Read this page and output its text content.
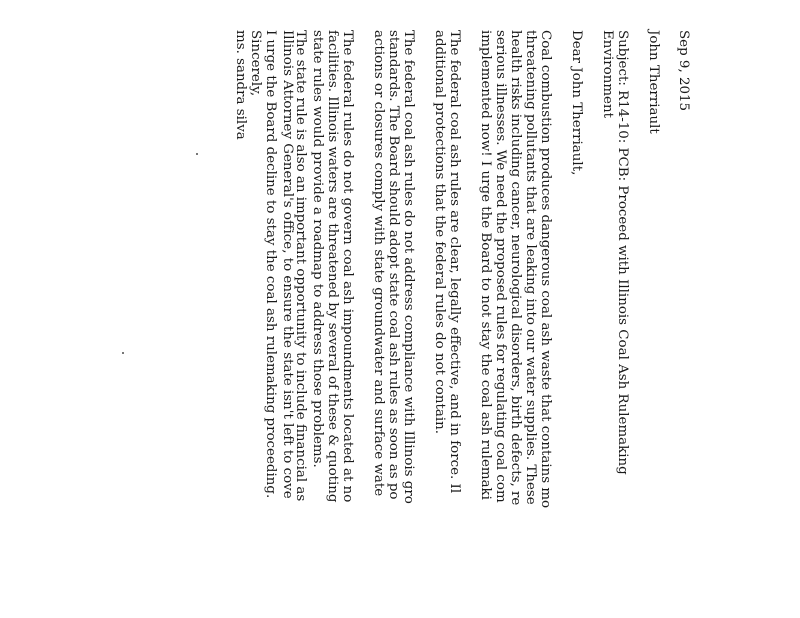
Sep 9, 2015
John Therriault
Subject: R14-10: PCB: Proceed with Illinois Coal Ash Rulemaking
Environment
Dear John Therriault,
Coal combustion produces dangerous coal ash waste that contains mo
threatening pollutants that are leaking into our water supplies. These
health risks including cancer, neurological disorders, birth defects, re
serious illnesses. We need the proposed rules for regulating coal com
implemented now! I urge the Board to not stay the coal ash rulemaki
The federal coal ash rules are clear, legally effective, and in force. Il
additional protections that the federal rules do not contain.
The federal coal ash rules do not address compliance with Illinois gro
standards. The Board should adopt state coal ash rules as soon as po
actions or closures comply with state groundwater and surface wate
The federal rules do not govern coal ash impoundments located at no
facilities. Illinois waters are threatened by several of these & quoting
state rules would provide a roadmap to address those problems.
The state rule is also an important opportunity to include financial as
Illinois Attorney General's office, to ensure the state isn't left to cove
I urge the Board decline to stay the coal ash rulemaking proceeding.
Sincerely,
ms. sandra silva
